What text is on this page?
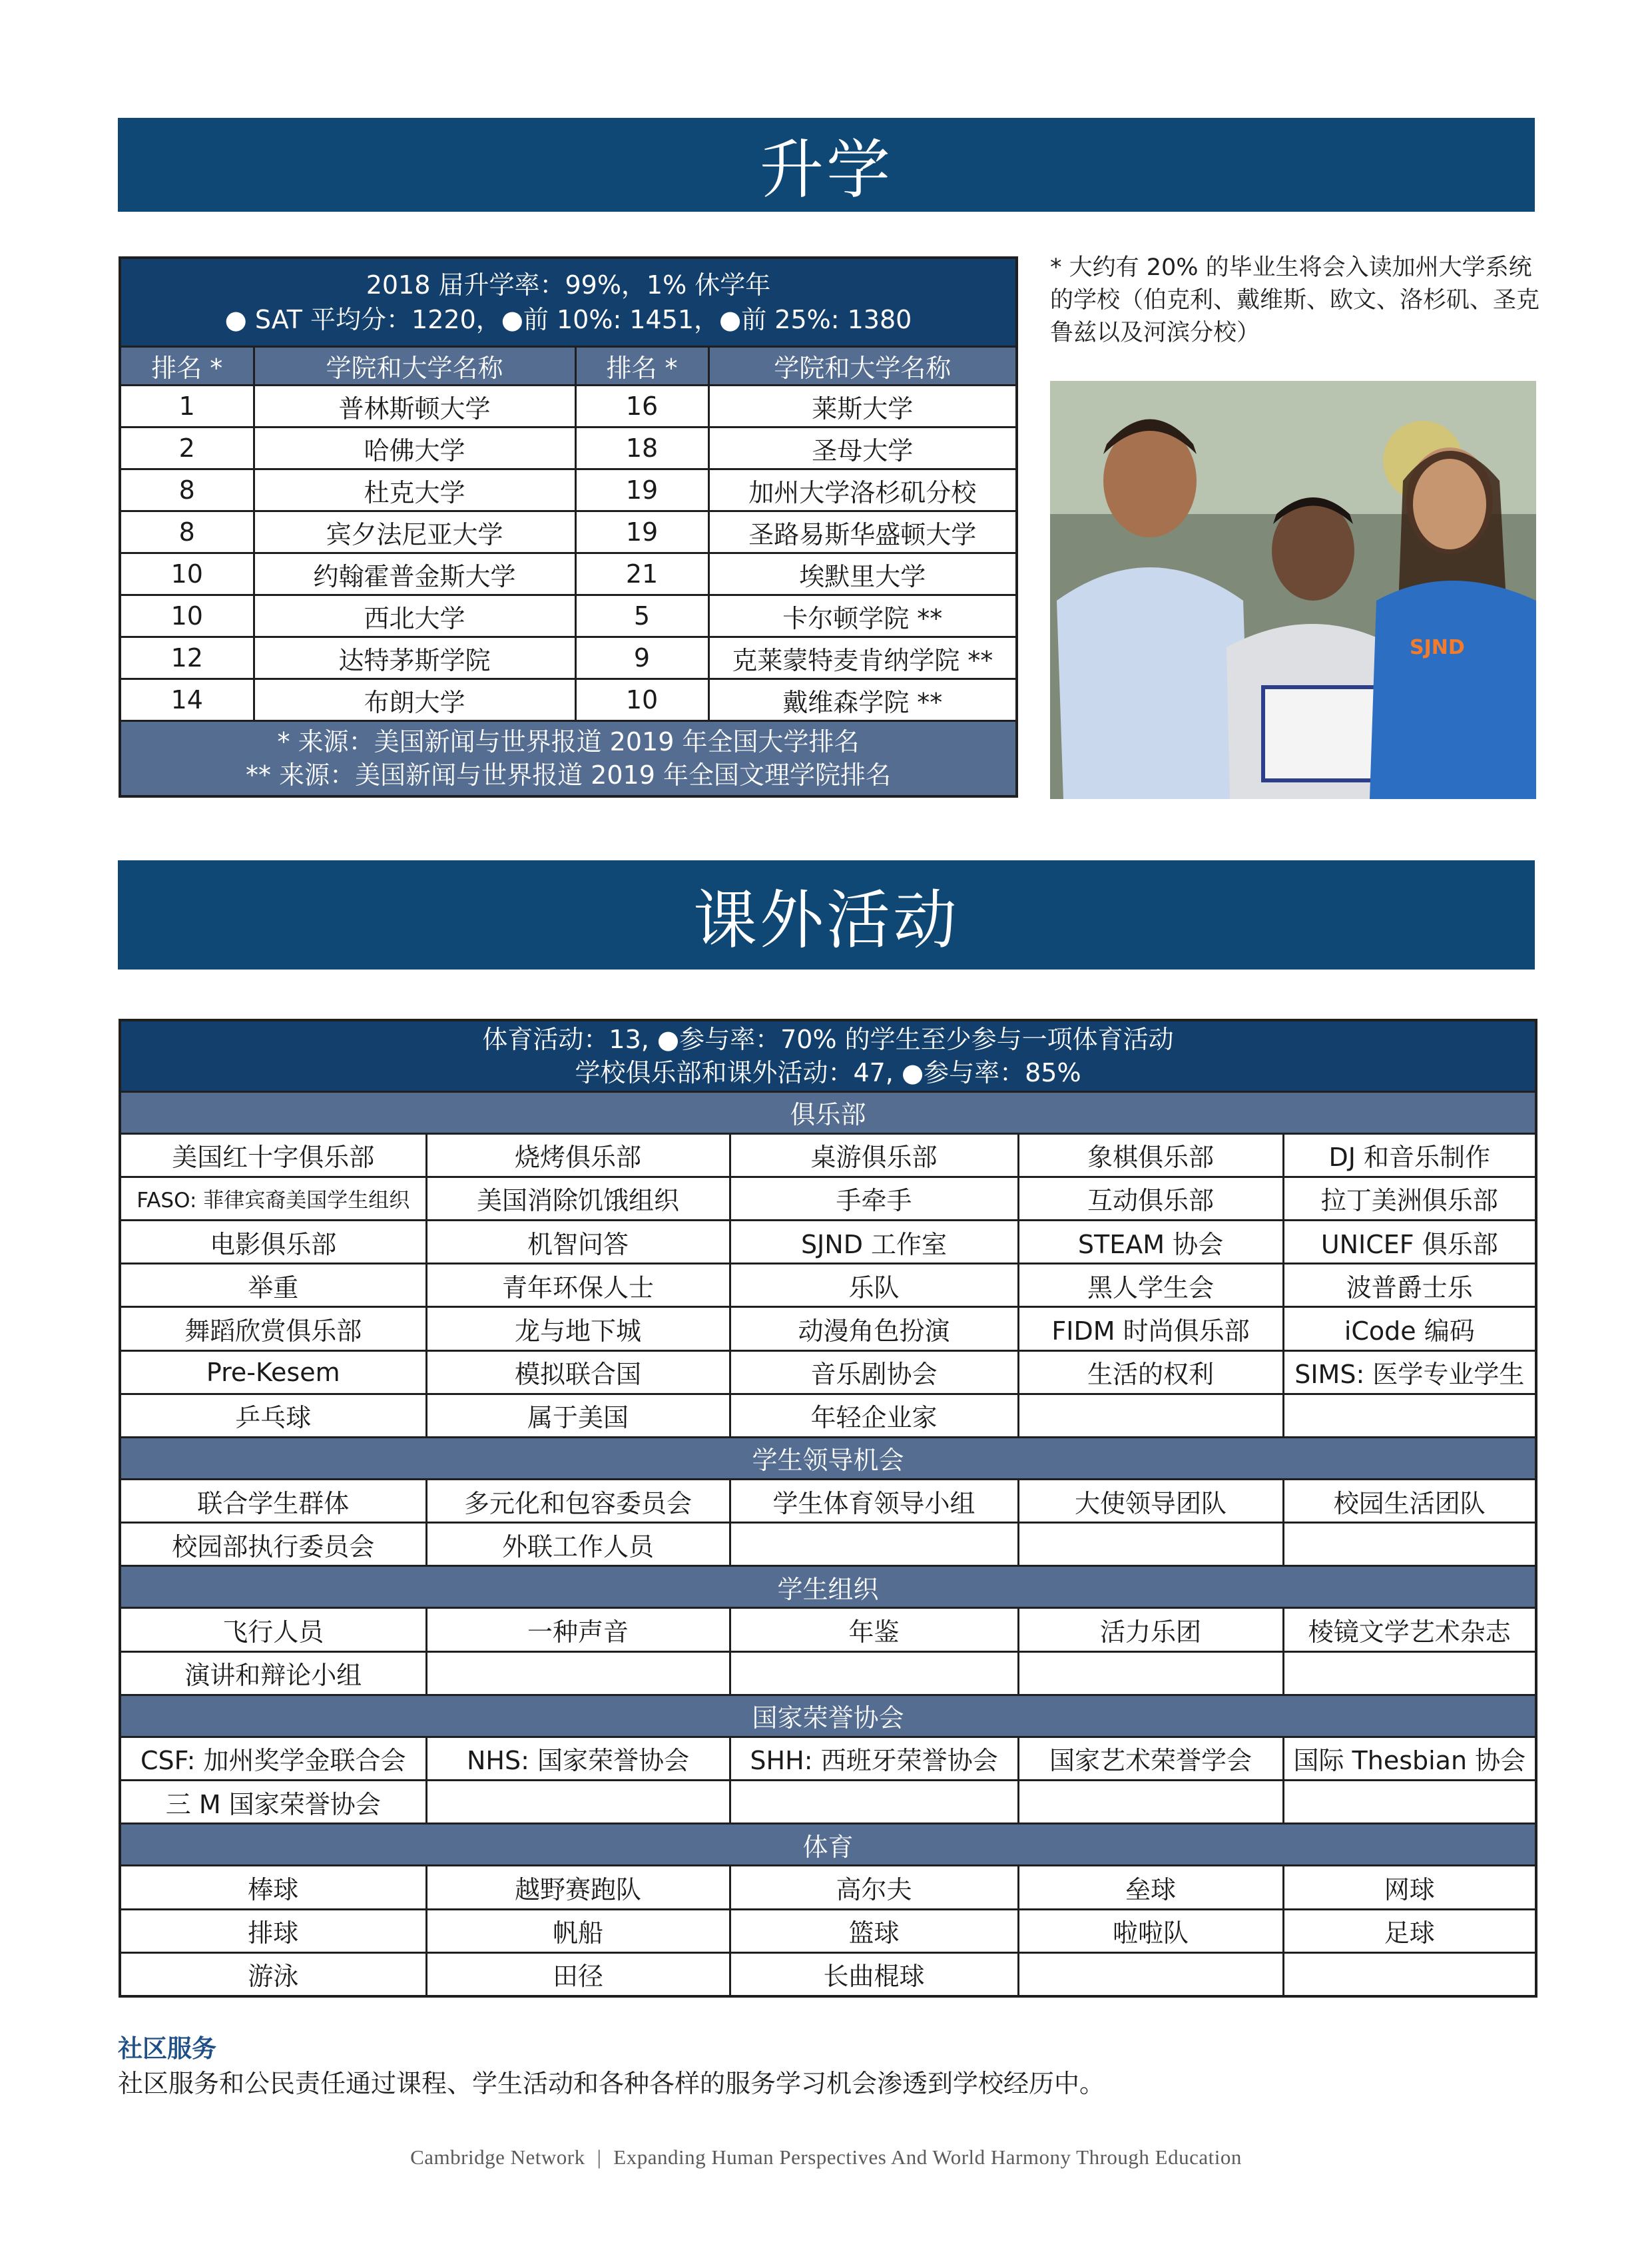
升学
2018 届升学率：99%，1% 休学年
● SAT 平均分：1220，●前 10%: 1451，●前 25%: 1380			

排名 *	学院和大学名称	排名 *	学院和大学名称
1	普林斯顿大学	16	莱斯大学
2	哈佛大学	18	圣母大学
8	杜克大学	19	加州大学洛杉矶分校
8	宾夕法尼亚大学	19	圣路易斯华盛顿大学
10	约翰霍普金斯大学	21	埃默里大学
10	西北大学	5	卡尔顿学院 **
12	达特茅斯学院	9	克莱蒙特麦肯纳学院 **
14	布朗大学	10	戴维森学院 **

* 来源：美国新闻与世界报道 2019 年全国大学排名
** 来源：美国新闻与世界报道 2019 年全国文理学院排名			
* 大约有 20% 的毕业生将会入读加州大学系统的学校（伯克利、戴维斯、欧文、洛杉矶、圣克鲁兹以及河滨分校）
SJND
课外活动
体育活动：13, ●参与率：70% 的学生至少参与一项体育活动
学校俱乐部和课外活动：47, ●参与率：85%				

俱乐部				
美国红十字俱乐部	烧烤俱乐部	桌游俱乐部	象棋俱乐部	DJ 和音乐制作
FASO: 菲律宾裔美国学生组织	美国消除饥饿组织	手牵手	互动俱乐部	拉丁美洲俱乐部
电影俱乐部	机智问答	SJND 工作室	STEAM 协会	UNICEF 俱乐部
举重	青年环保人士	乐队	黑人学生会	波普爵士乐
舞蹈欣赏俱乐部	龙与地下城	动漫角色扮演	FIDM 时尚俱乐部	iCode 编码
Pre-Kesem	模拟联合国	音乐剧协会	生活的权利	SIMS: 医学专业学生
乒乓球	属于美国	年轻企业家		
学生领导机会				
联合学生群体	多元化和包容委员会	学生体育领导小组	大使领导团队	校园生活团队
校园部执行委员会	外联工作人员			
学生组织				
飞行人员	一种声音	年鉴	活力乐团	棱镜文学艺术杂志
演讲和辩论小组				
国家荣誉协会				
CSF: 加州奖学金联合会	NHS: 国家荣誉协会	SHH: 西班牙荣誉协会	国家艺术荣誉学会	国际 Thesbian 协会
三 M 国家荣誉协会				
体育				
棒球	越野赛跑队	高尔夫	垒球	网球
排球	帆船	篮球	啦啦队	足球
游泳	田径	长曲棍球		
社区服务
社区服务和公民责任通过课程、学生活动和各种各样的服务学习机会渗透到学校经历中。
Cambridge Network | Expanding Human Perspectives And World Harmony Through Education
